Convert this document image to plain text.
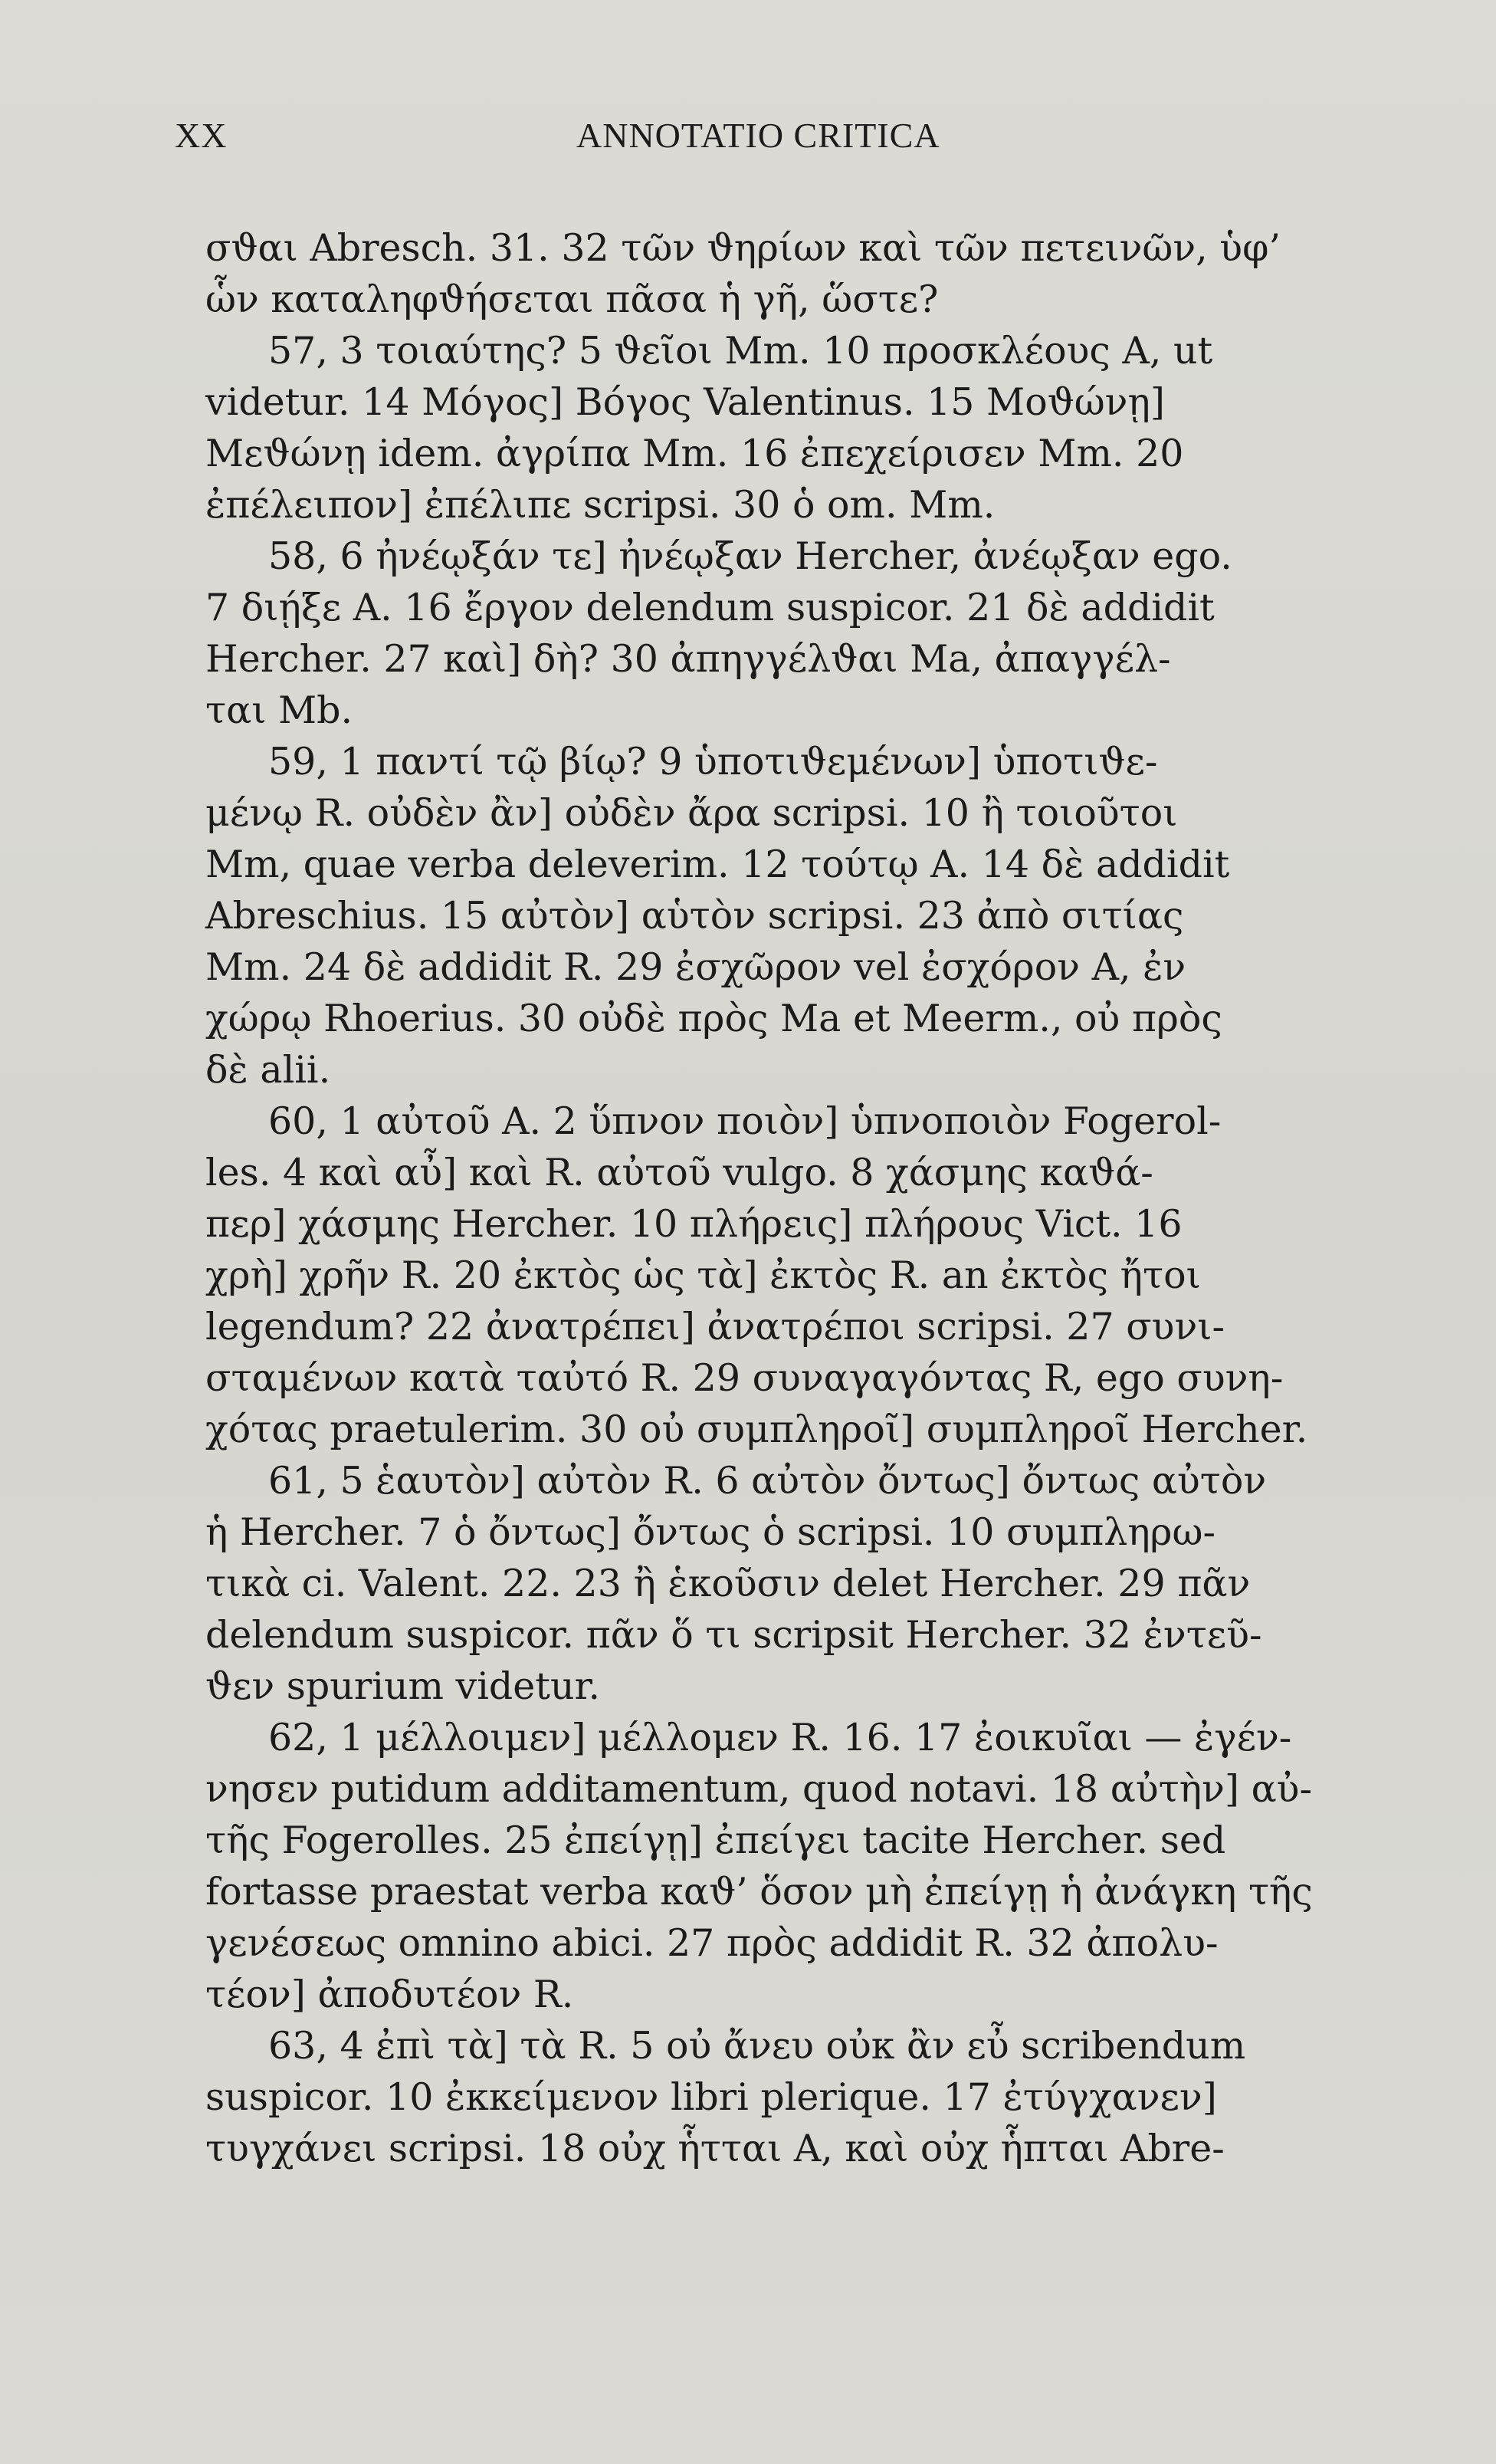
XX	ANNOTATIO CRITICA
σϑαι Abresch. 31. 32 τῶν ϑηρίων καὶ τῶν πετεινῶν, ὑφ’
ὧν καταληφϑήσεται πᾶσα ἡ γῆ, ὥστε?
57, 3 τοιαύτης? 5 ϑεῖοι Mm. 10 προσκλέους A, ut
videtur. 14 Μόγος] Βόγος Valentinus. 15 Μοϑώνῃ]
Μεϑώνῃ idem. ἀγρίπα Mm. 16 ἐπεχείρισεν Mm. 20
ἐπέλειπον] ἐπέλιπε scripsi. 30 ὁ om. Mm.
58, 6 ἠνέῳξάν τε] ἠνέῳξαν Hercher, ἀνέῳξαν ego.
7 διῄξε A. 16 ἔργον delendum suspicor. 21 δὲ addidit
Hercher. 27 καὶ] δὴ? 30 ἀπηγγέλϑαι Ma, ἀπαγγέλ-
ται Mb.
59, 1 παντί τῷ βίῳ? 9 ὑποτιϑεμένων] ὑποτιϑε-
μένῳ R. οὐδὲν ἂν] οὐδὲν ἄρα scripsi. 10 ἢ τοιοῦτοι
Mm, quae verba deleverim. 12 τούτῳ A. 14 δὲ addidit
Abreschius. 15 αὐτὸν] αὑτὸν scripsi. 23 ἀπὸ σιτίας
Mm. 24 δὲ addidit R. 29 ἐσχῶρον vel ἐσχόρον A, ἐν
χώρῳ Rhoerius. 30 οὐδὲ πρὸς Ma et Meerm., οὐ πρὸς
δὲ alii.
60, 1 αὐτοῦ A. 2 ὕπνον ποιὸν] ὑπνοποιὸν Fogerol-
les. 4 καὶ αὖ] καὶ R. αὐτοῦ vulgo. 8 χάσμης καϑά-
περ] χάσμης Hercher. 10 πλήρεις] πλήρους Vict. 16
χρὴ] χρῆν R. 20 ἐκτὸς ὡς τὰ] ἐκτὸς R. an ἐκτὸς ἤτοι
legendum? 22 ἀνατρέπει] ἀνατρέποι scripsi. 27 συνι-
σταμένων κατὰ ταὐτό R. 29 συναγαγόντας R, ego συνη-
χότας praetulerim. 30 οὐ συμπληροῖ] συμπληροῖ Hercher.
61, 5 ἑαυτὸν] αὐτὸν R. 6 αὐτὸν ὄντως] ὄντως αὐτὸν
ἡ Hercher. 7 ὁ ὄντως] ὄντως ὁ scripsi. 10 συμπληρω-
τικὰ ci. Valent. 22. 23 ἢ ἑκοῦσιν delet Hercher. 29 πᾶν
delendum suspicor. πᾶν ὅ τι scripsit Hercher. 32 ἐντεῦ-
ϑεν spurium videtur.
62, 1 μέλλοιμεν] μέλλομεν R. 16. 17 ἐοικυῖαι — ἐγέν-
νησεν putidum additamentum, quod notavi. 18 αὐτὴν] αὐ-
τῆς Fogerolles. 25 ἐπείγῃ] ἐπείγει tacite Hercher. sed
fortasse praestat verba καϑ’ ὅσον μὴ ἐπείγῃ ἡ ἀνάγκη τῆς
γενέσεως omnino abici. 27 πρὸς addidit R. 32 ἀπολυ-
τέον] ἀποδυτέον R.
63, 4 ἐπὶ τὰ] τὰ R. 5 οὐ ἄνευ οὐκ ἂν εὖ scribendum
suspicor. 10 ἐκκείμενον libri plerique. 17 ἐτύγχανεν]
τυγχάνει scripsi. 18 οὐχ ἧτται A, καὶ οὐχ ἧπται Abre-
